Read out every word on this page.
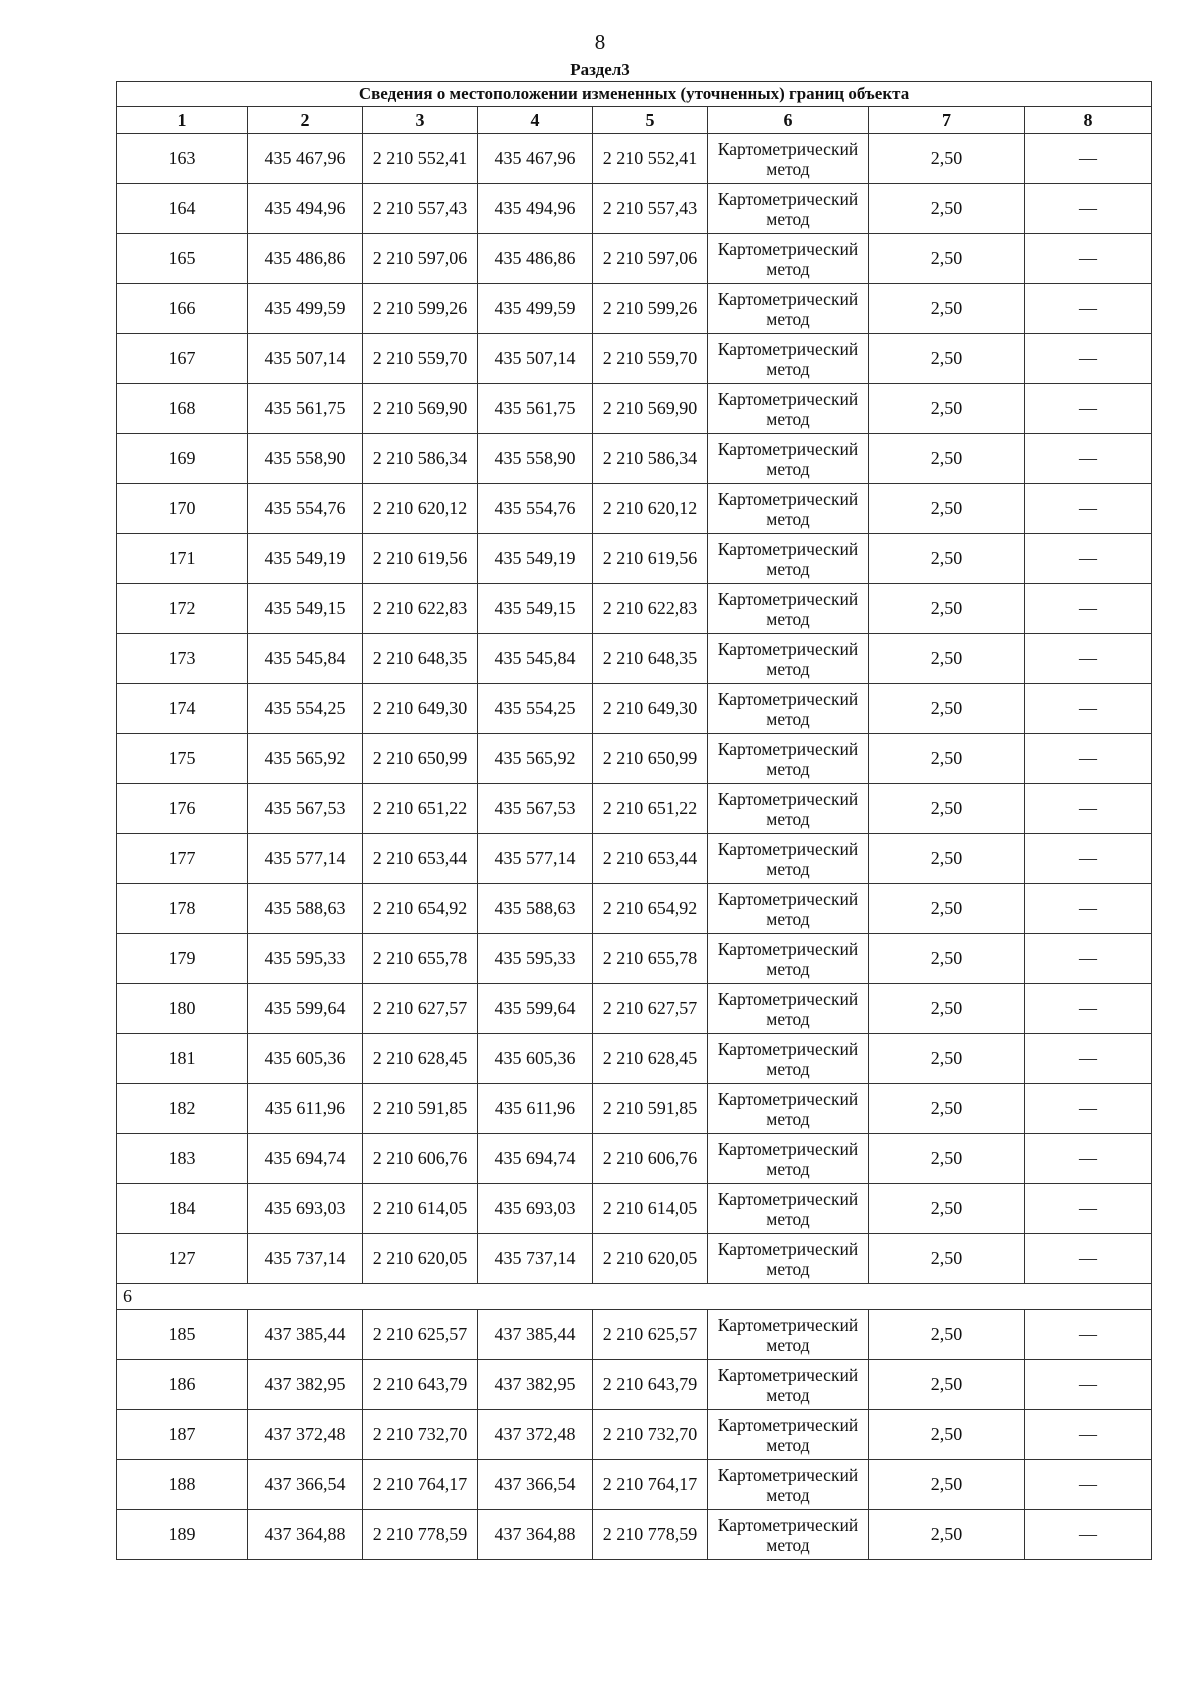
8
Раздел3
Сведения о местоположении измененных (уточненных) границ объекта							
1	2	3	4	5	6	7	8
163	435 467,96	2 210 552,41	435 467,96	2 210 552,41	Картометрический метод	2,50	—
164	435 494,96	2 210 557,43	435 494,96	2 210 557,43	Картометрический метод	2,50	—
165	435 486,86	2 210 597,06	435 486,86	2 210 597,06	Картометрический метод	2,50	—
166	435 499,59	2 210 599,26	435 499,59	2 210 599,26	Картометрический метод	2,50	—
167	435 507,14	2 210 559,70	435 507,14	2 210 559,70	Картометрический метод	2,50	—
168	435 561,75	2 210 569,90	435 561,75	2 210 569,90	Картометрический метод	2,50	—
169	435 558,90	2 210 586,34	435 558,90	2 210 586,34	Картометрический метод	2,50	—
170	435 554,76	2 210 620,12	435 554,76	2 210 620,12	Картометрический метод	2,50	—
171	435 549,19	2 210 619,56	435 549,19	2 210 619,56	Картометрический метод	2,50	—
172	435 549,15	2 210 622,83	435 549,15	2 210 622,83	Картометрический метод	2,50	—
173	435 545,84	2 210 648,35	435 545,84	2 210 648,35	Картометрический метод	2,50	—
174	435 554,25	2 210 649,30	435 554,25	2 210 649,30	Картометрический метод	2,50	—
175	435 565,92	2 210 650,99	435 565,92	2 210 650,99	Картометрический метод	2,50	—
176	435 567,53	2 210 651,22	435 567,53	2 210 651,22	Картометрический метод	2,50	—
177	435 577,14	2 210 653,44	435 577,14	2 210 653,44	Картометрический метод	2,50	—
178	435 588,63	2 210 654,92	435 588,63	2 210 654,92	Картометрический метод	2,50	—
179	435 595,33	2 210 655,78	435 595,33	2 210 655,78	Картометрический метод	2,50	—
180	435 599,64	2 210 627,57	435 599,64	2 210 627,57	Картометрический метод	2,50	—
181	435 605,36	2 210 628,45	435 605,36	2 210 628,45	Картометрический метод	2,50	—
182	435 611,96	2 210 591,85	435 611,96	2 210 591,85	Картометрический метод	2,50	—
183	435 694,74	2 210 606,76	435 694,74	2 210 606,76	Картометрический метод	2,50	—
184	435 693,03	2 210 614,05	435 693,03	2 210 614,05	Картометрический метод	2,50	—
127	435 737,14	2 210 620,05	435 737,14	2 210 620,05	Картометрический метод	2,50	—
6							
185	437 385,44	2 210 625,57	437 385,44	2 210 625,57	Картометрический метод	2,50	—
186	437 382,95	2 210 643,79	437 382,95	2 210 643,79	Картометрический метод	2,50	—
187	437 372,48	2 210 732,70	437 372,48	2 210 732,70	Картометрический метод	2,50	—
188	437 366,54	2 210 764,17	437 366,54	2 210 764,17	Картометрический метод	2,50	—
189	437 364,88	2 210 778,59	437 364,88	2 210 778,59	Картометрический метод	2,50	—
